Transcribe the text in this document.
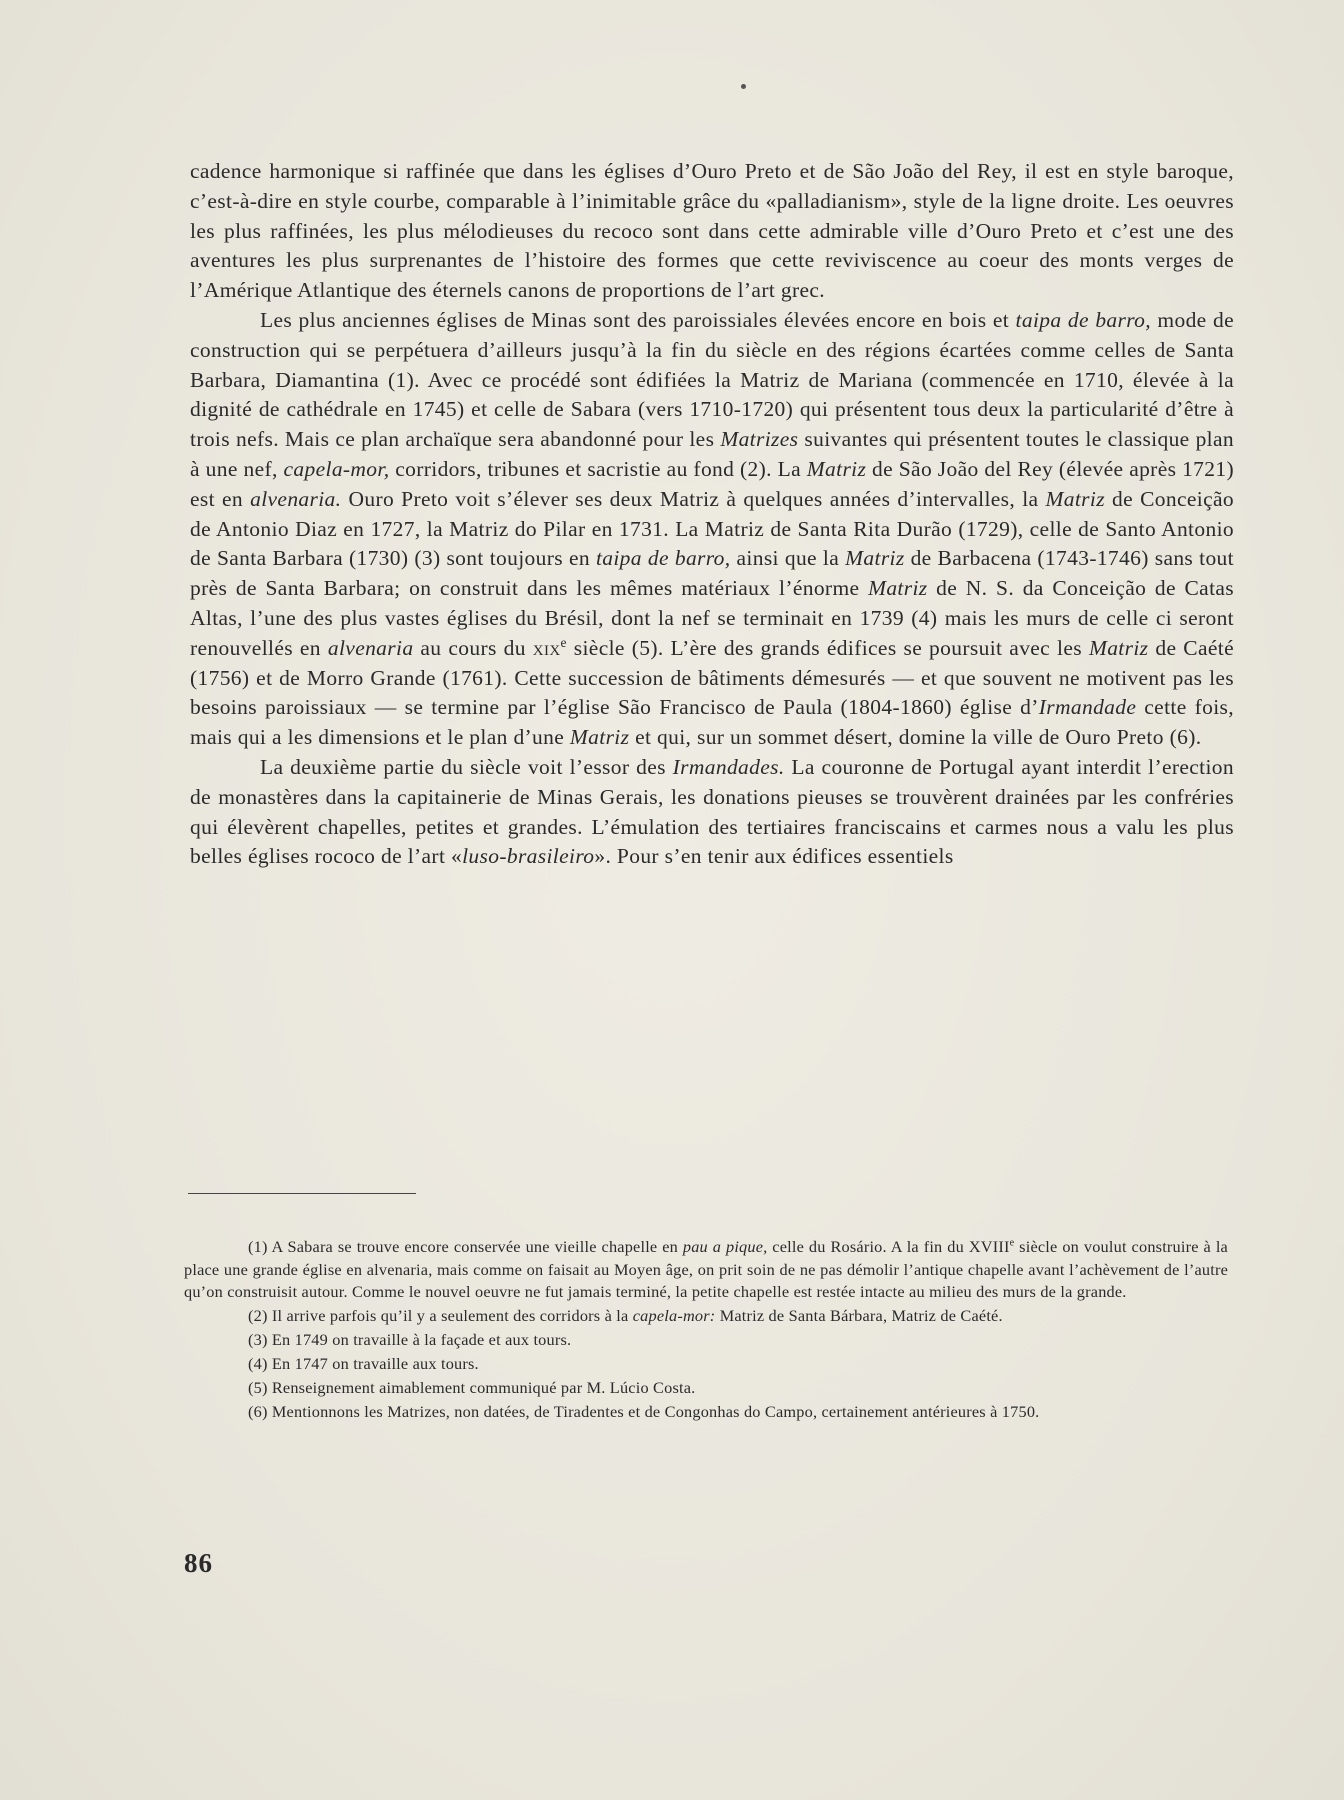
cadence harmonique si raffinée que dans les églises d’Ouro Preto et de São João del Rey, il est en style baroque, c’est-à-dire en style courbe, comparable à l’inimitable grâce du «palladianism», style de la ligne droite. Les oeuvres les plus raffinées, les plus mélodieuses du recoco sont dans cette admirable ville d’Ouro Preto et c’est une des aventures les plus surprenantes de l’histoire des formes que cette reviviscence au coeur des monts verges de l’Amérique Atlantique des éternels canons de proportions de l’art grec.
Les plus anciennes églises de Minas sont des paroissiales élevées encore en bois et taipa de barro, mode de construction qui se perpétuera d’ailleurs jusqu’à la fin du siècle en des régions écartées comme celles de Santa Barbara, Diamantina (1). Avec ce procédé sont édifiées la Matriz de Mariana (commencée en 1710, élevée à la dignité de cathédrale en 1745) et celle de Sabara (vers 1710-1720) qui présentent tous deux la particularité d’être à trois nefs. Mais ce plan archaïque sera abandonné pour les Matrizes suivantes qui présentent toutes le classique plan à une nef, capela-mor, corridors, tribunes et sacristie au fond (2). La Matriz de São João del Rey (élevée après 1721) est en alvenaria. Ouro Preto voit s’élever ses deux Matriz à quelques années d’intervalles, la Matriz de Conceição de Antonio Diaz en 1727, la Matriz do Pilar en 1731. La Matriz de Santa Rita Durão (1729), celle de Santo Antonio de Santa Barbara (1730) (3) sont toujours en taipa de barro, ainsi que la Matriz de Barbacena (1743-1746) sans tout près de Santa Barbara; on construit dans les mêmes matériaux l’énorme Matriz de N. S. da Conceição de Catas Altas, l’une des plus vastes églises du Brésil, dont la nef se terminait en 1739 (4) mais les murs de celle ci seront renouvellés en alvenaria au cours du xix$^e$ siècle (5). L’ère des grands édifices se poursuit avec les Matriz de Caété (1756) et de Morro Grande (1761). Cette succession de bâtiments démesurés — et que souvent ne motivent pas les besoins paroissiaux — se termine par l’église São Francisco de Paula (1804-1860) église d’Irmandade cette fois, mais qui a les dimensions et le plan d’une Matriz et qui, sur un sommet désert, domine la ville de Ouro Preto (6).
La deuxième partie du siècle voit l’essor des Irmandades. La couronne de Portugal ayant interdit l’erection de monastères dans la capitainerie de Minas Gerais, les donations pieuses se trouvèrent drainées par les confréries qui élevèrent chapelles, petites et grandes. L’émulation des tertiaires franciscains et carmes nous a valu les plus belles églises rococo de l’art «luso-brasileiro». Pour s’en tenir aux édifices essentiels
(1) A Sabara se trouve encore conservée une vieille chapelle en pau a pique, celle du Rosário. A la fin du XVIIIe siècle on voulut construire à la place une grande église en alvenaria, mais comme on faisait au Moyen âge, on prit soin de ne pas démolir l’antique chapelle avant l’achèvement de l’autre qu’on construisit autour. Comme le nouvel oeuvre ne fut jamais terminé, la petite chapelle est restée intacte au milieu des murs de la grande.
(2) Il arrive parfois qu’il y a seulement des corridors à la capela-mor: Matriz de Santa Bárbara, Matriz de Caété.
(3) En 1749 on travaille à la façade et aux tours.
(4) En 1747 on travaille aux tours.
(5) Renseignement aimablement communiqué par M. Lúcio Costa.
(6) Mentionnons les Matrizes, non datées, de Tiradentes et de Congonhas do Campo, certainement antérieures à 1750.
86
